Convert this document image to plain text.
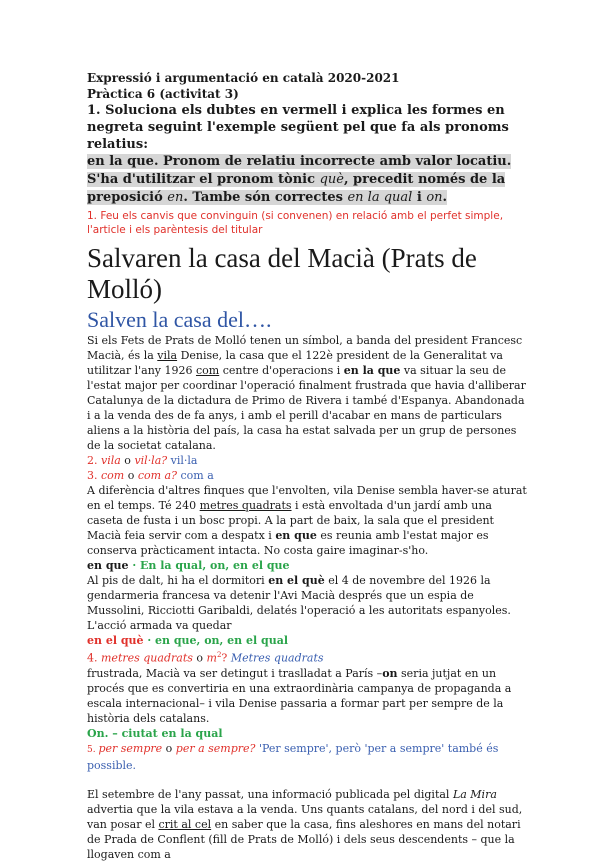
Expressió i argumentació en català 2020-2021
Pràctica 6 (activitat 3)
1. Soluciona els dubtes en vermell i explica les formes en negreta seguint l'exemple següent pel que fa als pronoms relatius:
en la que. Pronom de relatiu incorrecte amb valor locatiu. S'ha d'utilitzar el pronom tònic què, precedit només de la preposició en. Tambe són correctes en la qual i on.
1. Feu els canvis que convinguin (si convenen) en relació amb el perfet simple, l'article i els parèntesis del titular
Salvaren la casa del Macià (Prats de Molló)
Salven la casa del….

Si els Fets de Prats de Molló tenen un símbol, a banda del president Francesc Macià, és la vila Denise, la casa que el 122è president de la Generalitat va utilitzar l'any 1926 com centre d'operacions i en la que va situar la seu de l'estat major per coordinar l'operació finalment frustrada que havia d'alliberar Catalunya de la dictadura de Primo de Rivera i també d'Espanya. Abandonada i a la venda des de fa anys, i amb el perill d'acabar en mans de particulars aliens a la història del país, la casa ha estat salvada per un grup de persones de la societat catalana.

2. vila o vil·la? vil·la
3. com o com a? com a

A diferència d'altres finques que l'envolten, vila Denise sembla haver-se aturat en el temps. Té 240 metres quadrats i està envoltada d'un jardí amb una caseta de fusta i un bosc propi. A la part de baix, la sala que el president Macià feia servir com a despatx i en que es reunia amb l'estat major es conserva pràcticament intacta. No costa gaire imaginar-s'ho.

en que · En la qual, on, en el que

Al pis de dalt, hi ha el dormitori en el què el 4 de novembre del 1926 la gendarmeria francesa va detenir l'Avi Macià després que un espia de Mussolini, Ricciotti Garibaldi, delatés l'operació a les autoritats espanyoles. L'acció armada va quedar

en el què · en que, on, en el qual
4. metres quadrats o $m^2$? Metres quadrats

frustrada, Macià va ser detingut i traslladat a París –on seria jutjat en un procés que es convertiria en una extraordinària campanya de propaganda a escala internacional– i vila Denise passaria a formar part per sempre de la història dels catalans.

On. – ciutat en la qual
5. per sempre o per a sempre? 'Per sempre', però 'per a sempre' també és possible.

El setembre de l'any passat, una informació publicada pel digital La Mira advertia que la vila estava a la venda. Uns quants catalans, del nord i del sud, van posar el crit al cel en saber que la casa, fins aleshores en mans del notari de Prada de Conflent (fill de Prats de Molló) i dels seus descendents – que la llogaven com a
